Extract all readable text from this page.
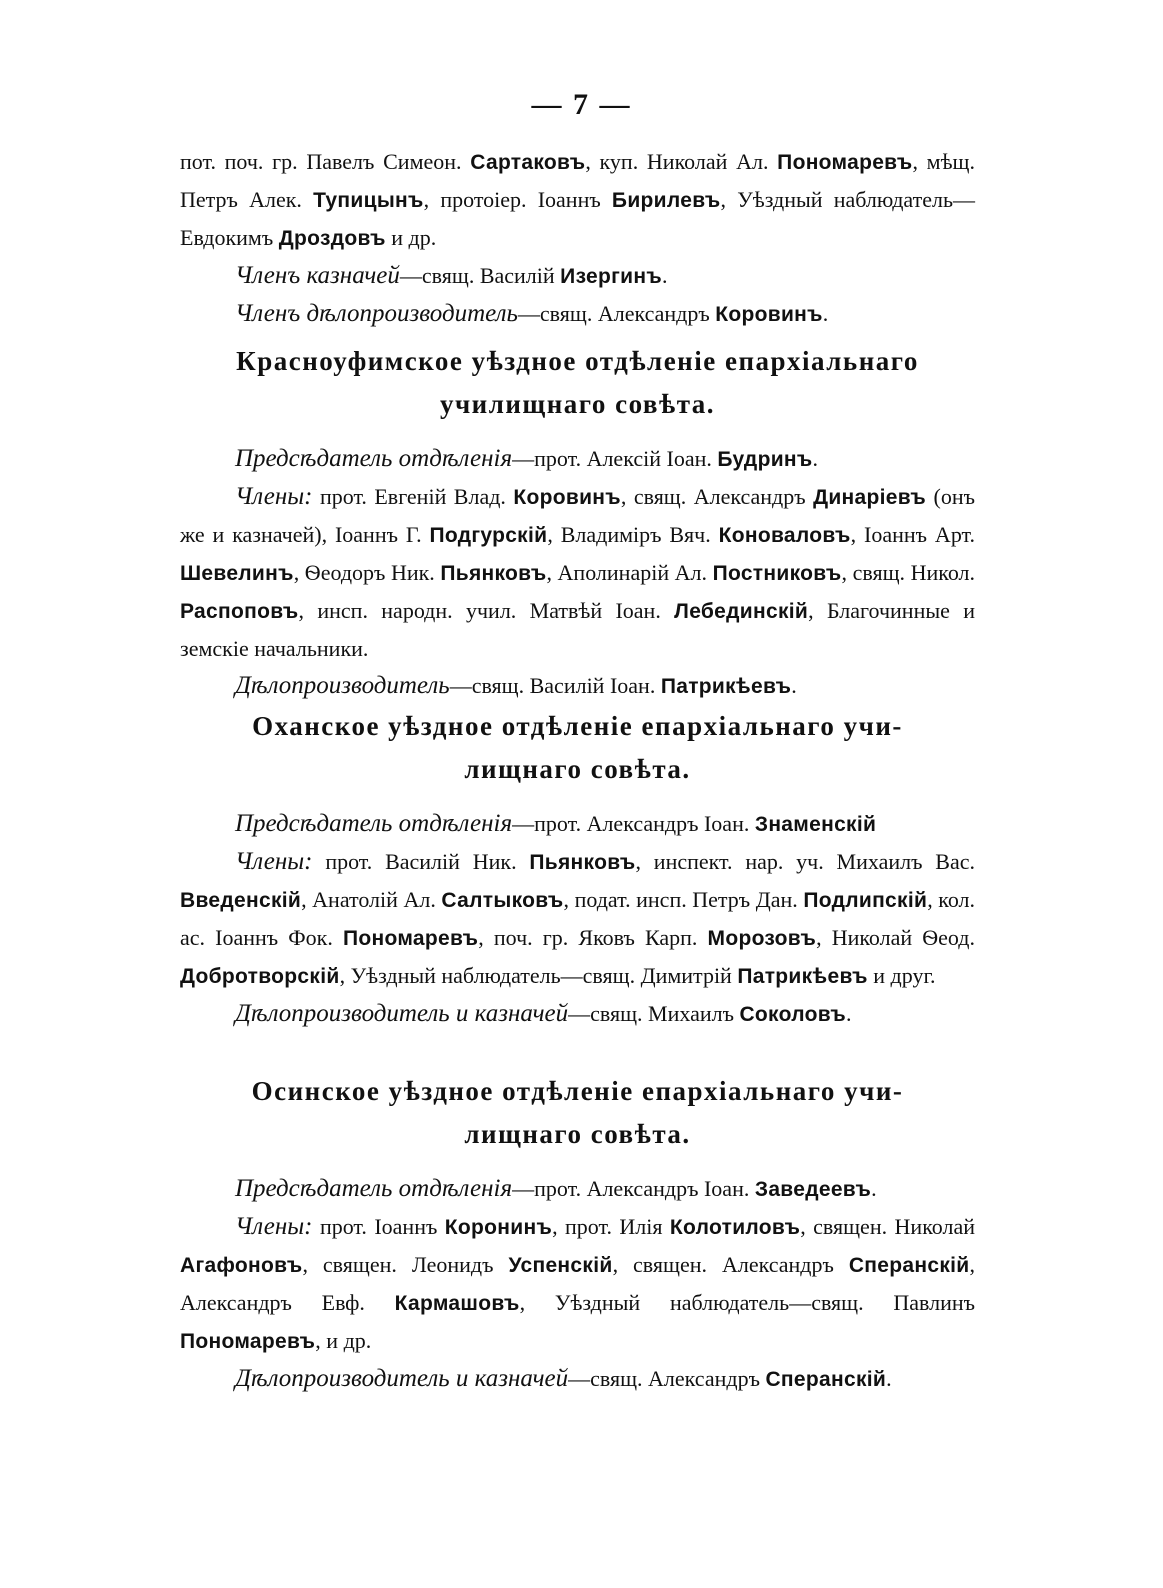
— 7 —

пот. поч. гр. Павелъ Симеон. Сартаковъ, куп. Николай Ал. Пономаревъ, мѣщ. Петръ Алек. Тупицынъ, протоіер. Іоаннъ Бирилевъ, Уѣздный наблюдатель—Евдокимъ Дроздовъ и др.

Членъ казначей—свящ. Василій Изергинъ.

Членъ дѣлопроизводитель—свящ. Александръ Коровинъ.

Красноуфимское уѣздное отдѣленіе епархіальнаго
училищнаго совѣта.

Предсѣдатель отдѣленія—прот. Алексій Іоан. Будринъ.

Члены: прот. Евгеній Влад. Коровинъ, свящ. Александръ Динаріевъ (онъ же и казначей), Іоаннъ Г. Подгурскій, Владиміръ Вяч. Коноваловъ, Іоаннъ Арт. Шевелинъ, Ѳеодоръ Ник. Пьянковъ, Аполинарій Ал. Постниковъ, свящ. Никол. Распоповъ, инсп. народн. учил. Матвѣй Іоан. Лебединскій, Благочинные и земскіе начальники.

Дѣлопроизводитель—свящ. Василій Іоан. Патрикѣевъ.

Оханское уѣздное отдѣленіе епархіальнаго учи-
лищнаго совѣта.

Предсѣдатель отдѣленія—прот. Александръ Іоан. Знаменскій

Члены: прот. Василій Ник. Пьянковъ, инспект. нар. уч. Михаилъ Вас. Введенскій, Анатолій Ал. Салтыковъ, подат. инсп. Петръ Дан. Подлипскій, кол. ас. Іоаннъ Фок. Пономаревъ, поч. гр. Яковъ Карп. Морозовъ, Николай Ѳеод. Добротворскій, Уѣздный наблюдатель—свящ. Димитрій Патрикѣевъ и друг.

Дѣлопроизводитель и казначей—свящ. Михаилъ Соколовъ.

Осинское уѣздное отдѣленіе епархіальнаго учи-
лищнаго совѣта.

Предсѣдатель отдѣленія—прот. Александръ Іоан. Заведеевъ.

Члены: прот. Іоаннъ Коронинъ, прот. Илія Колотиловъ, священ. Николай Агафоновъ, священ. Леонидъ Успенскій, священ. Александръ Сперанскій, Александръ Евф. Кармашовъ, Уѣздный наблюдатель—свящ. Павлинъ Пономаревъ, и др.

Дѣлопроизводитель и казначей—свящ. Александръ Сперанскій.
